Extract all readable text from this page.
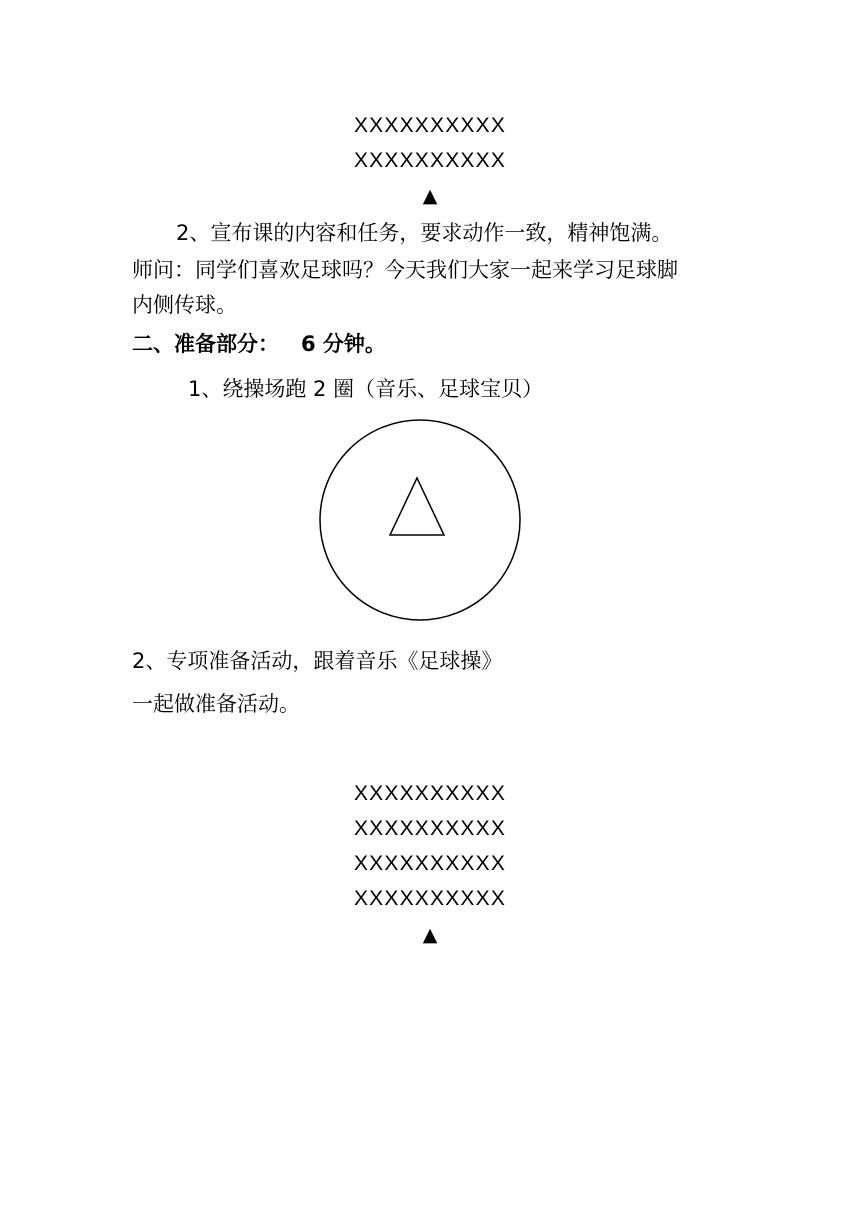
XXXXXXXXXX
XXXXXXXXXX
▲
2、宣布课的内容和任务，要求动作一致，精神饱满。
师问：同学们喜欢足球吗？今天我们大家一起来学习足球脚
内侧传球。
二、准备部分： 6 分钟。
1、绕操场跑 2 圈（音乐、足球宝贝）
2、专项准备活动，跟着音乐《足球操》
一起做准备活动。
XXXXXXXXXX
XXXXXXXXXX
XXXXXXXXXX
XXXXXXXXXX
▲
